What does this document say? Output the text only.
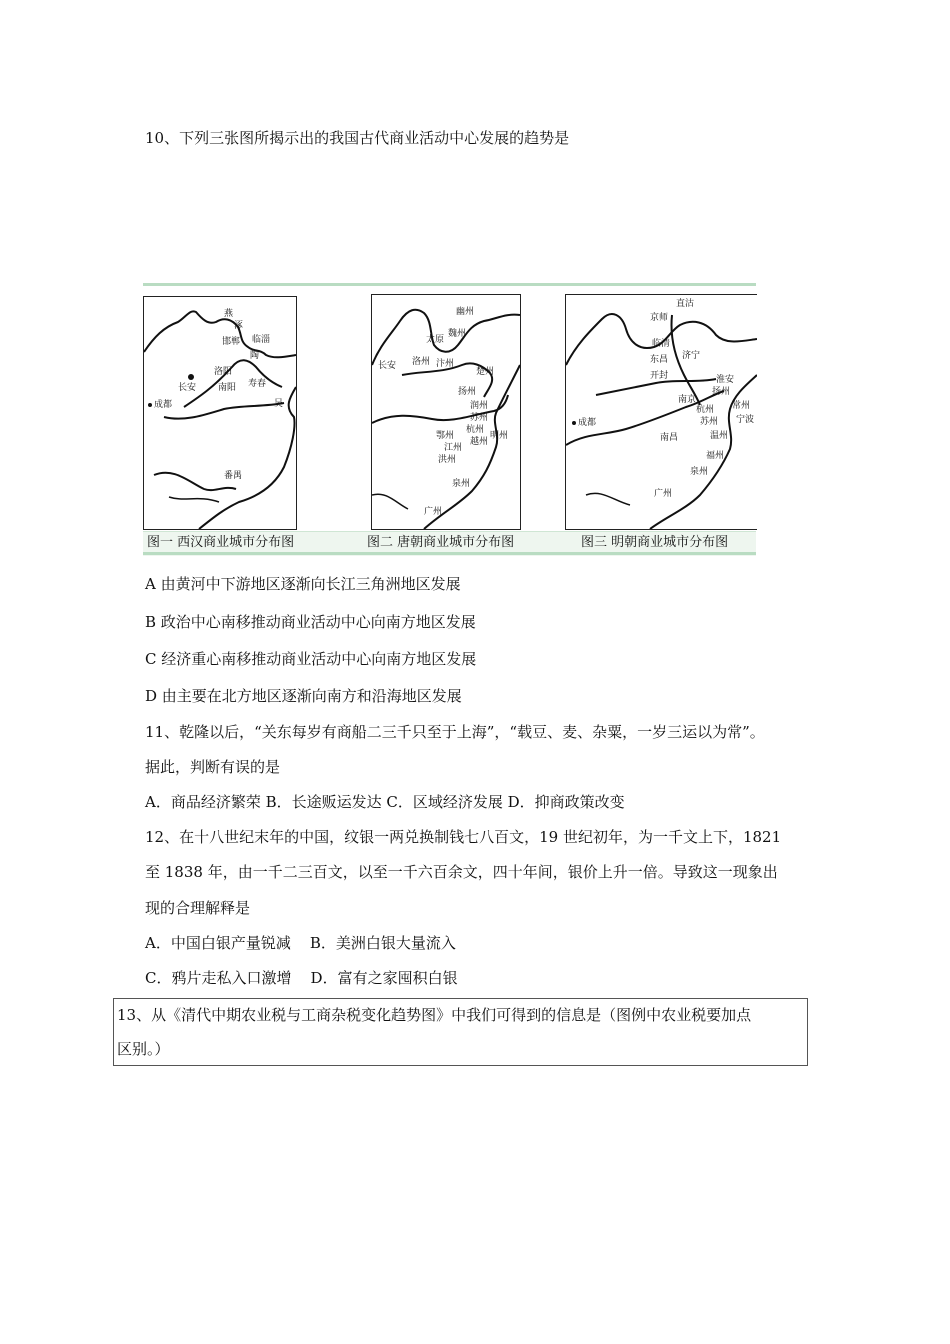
10、下列三张图所揭示出的我国古代商业活动中心发展的趋势是
燕
涿
邯郸 临淄
陶
洛阳
长安 南阳 寿春
成都	吴
番禺
幽州
太原
魏州
长安 洛州 汴州
楚州
扬州
润州
苏州
杭州
越州
明州
鄂州
江州
洪州
泉州
广州
直沽
京师
临清
东昌 济宁
开封	淮安
扬州
南京
杭州
苏州
常州
宁波
温州
南昌
福州
泉州
广州
成都
图一 西汉商业城市分布图	图二 唐朝商业城市分布图	图三 明朝商业城市分布图
A 由黄河中下游地区逐渐向长江三角洲地区发展
B 政治中心南移推动商业活动中心向南方地区发展
C 经济重心南移推动商业活动中心向南方地区发展
D 由主要在北方地区逐渐向南方和沿海地区发展
11、乾隆以后，“关东每岁有商船二三千只至于上海”，“载豆、麦、杂粟，一岁三运以为常”。
据此，判断有误的是
A．商品经济繁荣 B．长途贩运发达 C．区域经济发展 D．抑商政策改变
12、在十八世纪末年的中国，纹银一两兑换制钱七八百文，19 世纪初年，为一千文上下，1821
至 1838 年，由一千二三百文，以至一千六百余文，四十年间，银价上升一倍。导致这一现象出
现的合理解释是
A．中国白银产量锐减    B．美洲白银大量流入
C．鸦片走私入口激增    D．富有之家囤积白银
13、从《清代中期农业税与工商杂税变化趋势图》中我们可得到的信息是（图例中农业税要加点
区别。）
